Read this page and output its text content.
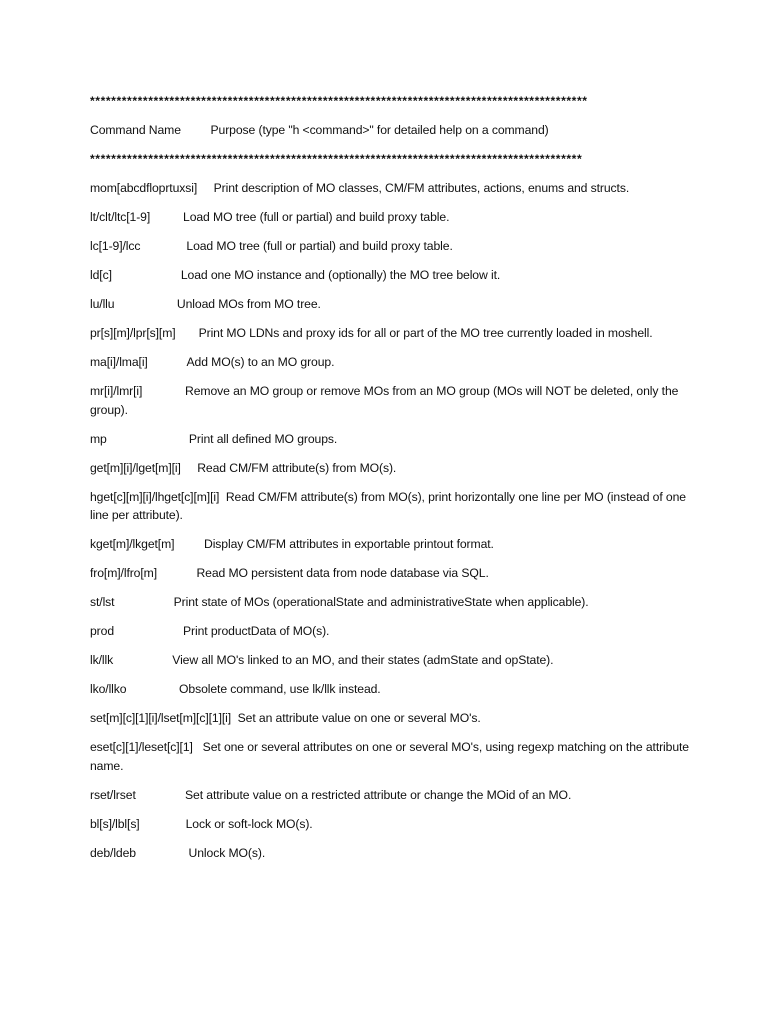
**********************************************************************************************
Command Name Purpose (type "h <command>" for detailed help on a command)
*********************************************************************************************
mom[abcdfloprtuxsi] Print description of MO classes, CM/FM attributes, actions, enums and structs.
lt/clt/ltc[1-9]	Load MO tree (full or partial) and build proxy table.
lc[1-9]/lcc	Load MO tree (full or partial) and build proxy table.
ld[c]	Load one MO instance and (optionally) the MO tree below it.
lu/llu	Unload MOs from MO tree.
pr[s][m]/lpr[s][m] Print MO LDNs and proxy ids for all or part of the MO tree currently loaded in moshell.
ma[i]/lma[i]	Add MO(s) to an MO group.
mr[i]/lmr[i]	Remove an MO group or remove MOs from an MO group (MOs will NOT be deleted, only the group).
mp	Print all defined MO groups.
get[m][i]/lget[m][i] Read CM/FM attribute(s) from MO(s).
hget[c][m][i]/lhget[c][m][i] Read CM/FM attribute(s) from MO(s), print horizontally one line per MO (instead of one line per attribute).
kget[m]/lkget[m] Display CM/FM attributes in exportable printout format.
fro[m]/lfro[m]	Read MO persistent data from node database via SQL.
st/lst	Print state of MOs (operationalState and administrativeState when applicable).
prod	Print productData of MO(s).
lk/llk	View all MO's linked to an MO, and their states (admState and opState).
lko/llko	Obsolete command, use lk/llk instead.
set[m][c][1][i]/lset[m][c][1][i] Set an attribute value on one or several MO's.
eset[c][1]/leset[c][1] Set one or several attributes on one or several MO's, using regexp matching on the attribute name.
rset/lrset	Set attribute value on a restricted attribute or change the MOid of an MO.
bl[s]/lbl[s]	Lock or soft-lock MO(s).
deb/ldeb	Unlock MO(s).
